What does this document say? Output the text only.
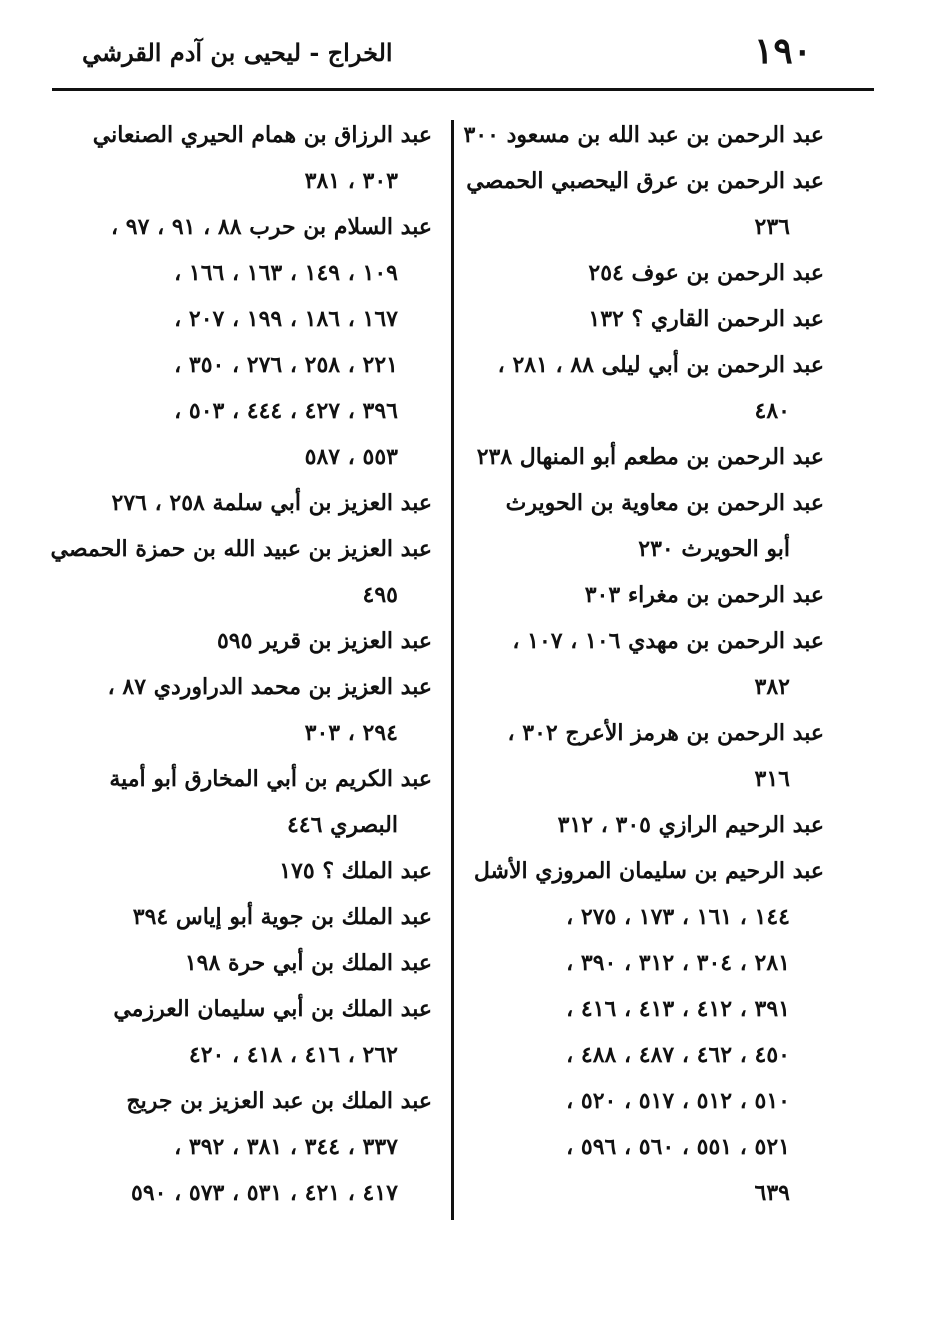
١٩٠
الخراج - ليحيى بن آدم القرشي
عبد الرحمن بن عبد الله بن مسعود ٣٠٠
عبد الرحمن بن عرق اليحصبي الحمصي
٢٣٦
عبد الرحمن بن عوف ٢٥٤
عبد الرحمن القاري ؟ ١٣٢
عبد الرحمن بن أبي ليلى ٨٨ ، ٢٨١ ،
٤٨٠
عبد الرحمن بن مطعم أبو المنهال ٢٣٨
عبد الرحمن بن معاوية بن الحويرث
أبو الحويرث ٢٣٠
عبد الرحمن بن مغراء ٣٠٣
عبد الرحمن بن مهدي ١٠٦ ، ١٠٧ ،
٣٨٢
عبد الرحمن بن هرمز الأعرج ٣٠٢ ،
٣١٦
عبد الرحيم الرازي ٣٠٥ ، ٣١٢
عبد الرحيم بن سليمان المروزي الأشل
١٤٤ ، ١٦١ ، ١٧٣ ، ٢٧٥ ،
٢٨١ ، ٣٠٤ ، ٣١٢ ، ٣٩٠ ،
٣٩١ ، ٤١٢ ، ٤١٣ ، ٤١٦ ،
٤٥٠ ، ٤٦٢ ، ٤٨٧ ، ٤٨٨ ،
٥١٠ ، ٥١٢ ، ٥١٧ ، ٥٢٠ ،
٥٢١ ، ٥٥١ ، ٥٦٠ ، ٥٩٦ ،
٦٣٩
عبد الرزاق بن همام الحيري الصنعاني
٣٠٣ ، ٣٨١
عبد السلام بن حرب ٨٨ ، ٩١ ، ٩٧ ،
١٠٩ ، ١٤٩ ، ١٦٣ ، ١٦٦ ،
١٦٧ ، ١٨٦ ، ١٩٩ ، ٢٠٧ ،
٢٢١ ، ٢٥٨ ، ٢٧٦ ، ٣٥٠ ،
٣٩٦ ، ٤٢٧ ، ٤٤٤ ، ٥٠٣ ،
٥٥٣ ، ٥٨٧
عبد العزيز بن أبي سلمة ٢٥٨ ، ٢٧٦
عبد العزيز بن عبيد الله بن حمزة الحمصي
٤٩٥
عبد العزيز بن قرير ٥٩٥
عبد العزيز بن محمد الدراوردي ٨٧ ،
٢٩٤ ، ٣٠٣
عبد الكريم بن أبي المخارق أبو أمية
البصري ٤٤٦
عبد الملك ؟ ١٧٥
عبد الملك بن جوية أبو إياس ٣٩٤
عبد الملك بن أبي حرة ١٩٨
عبد الملك بن أبي سليمان العرزمي
٢٦٢ ، ٤١٦ ، ٤١٨ ، ٤٢٠
عبد الملك بن عبد العزيز بن جريج
٣٣٧ ، ٣٤٤ ، ٣٨١ ، ٣٩٢ ،
٤١٧ ، ٤٢١ ، ٥٣١ ، ٥٧٣ ، ٥٩٠
